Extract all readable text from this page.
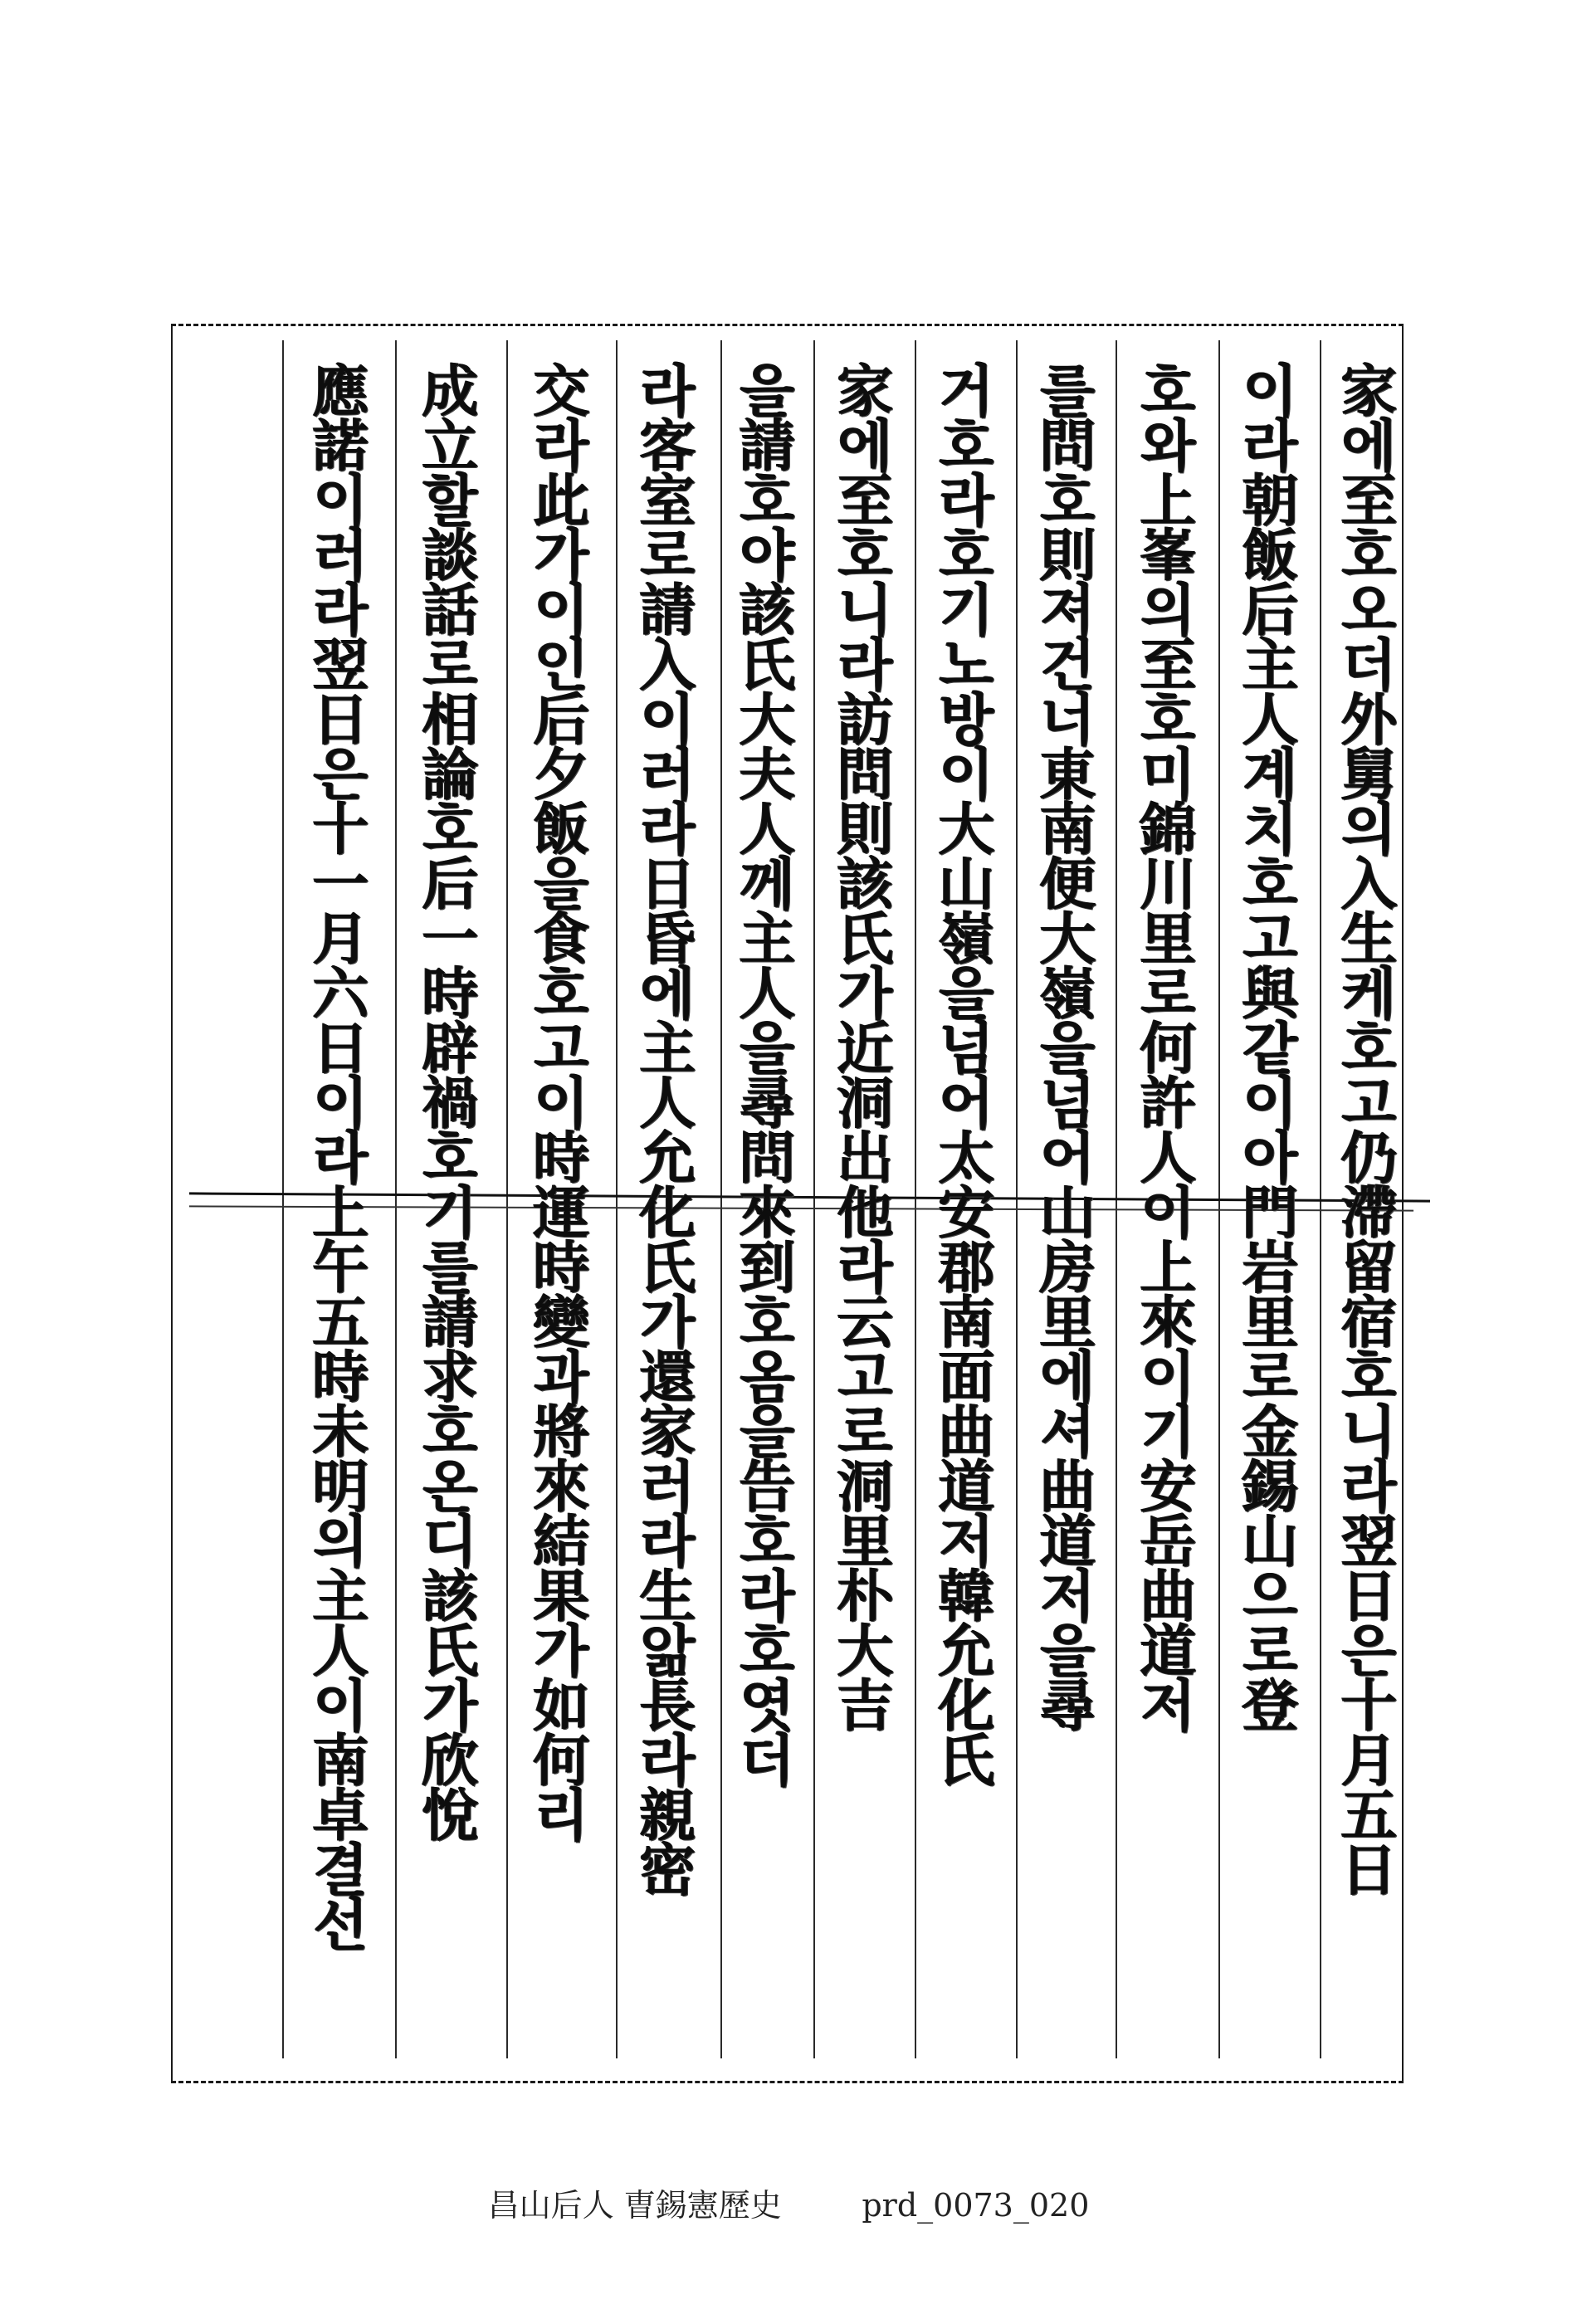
家에至호오더外舅의入生케호고仍滯留宿호니라翌日은十月五日
이라朝飯后主人계치호고與같이아門岩里로金錫山으로登
호와上峯의至호미錦川里로何許人이上來이기安岳曲道저
를問호則져건너東南便大嶺을넘어山房里에셔曲道저을尋
거호라호기노방이大山嶺을넘어太安郡南面曲道저韓允化氏
家에至호니라訪問則該氏가近洞出他라云고로洞里朴大吉
을請호야該氏大夫人께主人을尋問來到호옴을告호라호엿더
라客室로請入이러라日昏에主人允化氏가還家러라生앎長라親密
交라此가이인后夕飯을食호고이時運時變과將來結果가如何리
成立할談話로相論호后一時辟禍호기를請求호온디該氏가欣悅
應諾이러라翌日은十一月六日이라上午五時未明의主人이南卓결선
昌山后人 曺錫憲歷史        prd_0073_020
